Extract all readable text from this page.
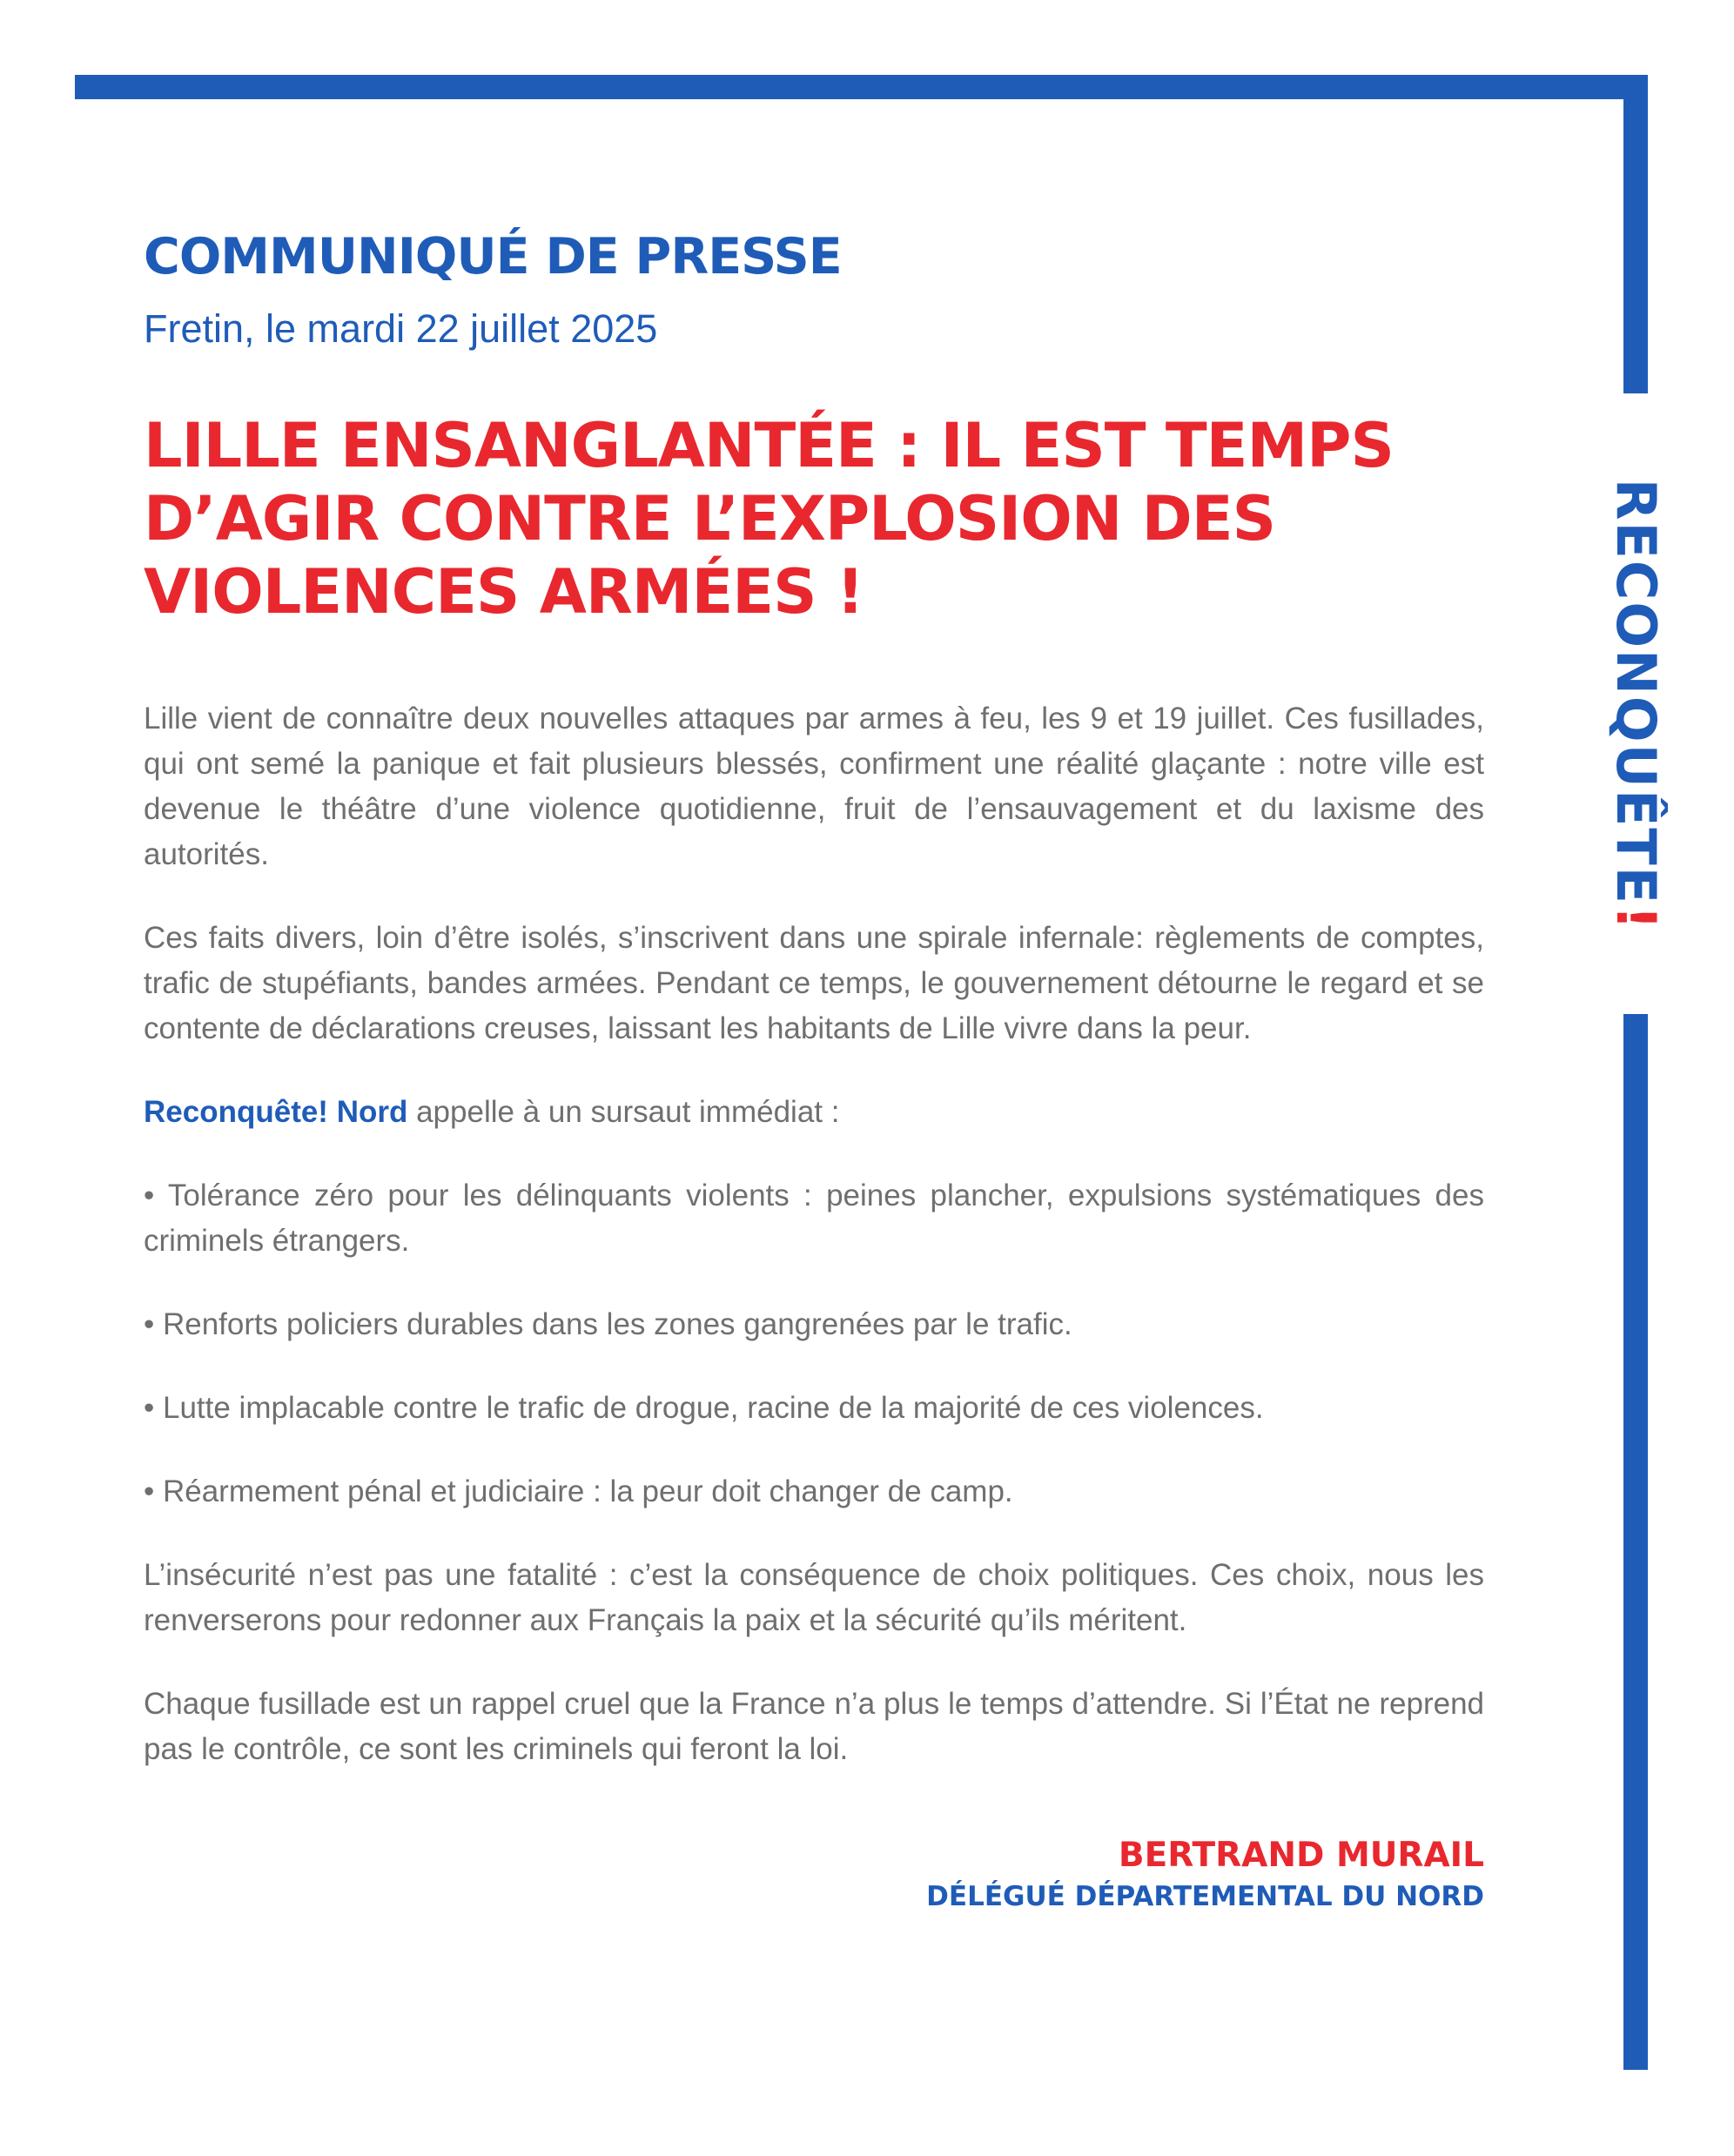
RECONQUÊTE!
COMMUNIQUÉ DE PRESSE
Fretin, le mardi 22 juillet 2025
LILLE ENSANGLANTÉE : IL EST TEMPS D’AGIR CONTRE L’EXPLOSION DES VIOLENCES ARMÉES !

Lille vient de connaître deux nouvelles attaques par armes à feu, les 9 et 19 juillet. Ces fusillades, qui ont semé la panique et fait plusieurs blessés, confirment une réalité glaçante : notre ville est devenue le théâtre d’une violence quotidienne, fruit de l’ensauvagement et du laxisme des autorités.

Ces faits divers, loin d’être isolés, s’inscrivent dans une spirale infernale: règlements de comptes, trafic de stupéfiants, bandes armées. Pendant ce temps, le gouvernement détourne le regard et se contente de déclarations creuses, laissant les habitants de Lille vivre dans la peur.

Reconquête! Nord appelle à un sursaut immédiat :

• Tolérance zéro pour les délinquants violents : peines plancher, expulsions systématiques des criminels étrangers.

• Renforts policiers durables dans les zones gangrenées par le trafic.

• Lutte implacable contre le trafic de drogue, racine de la majorité de ces violences.

• Réarmement pénal et judiciaire : la peur doit changer de camp.

L’insécurité n’est pas une fatalité : c’est la conséquence de choix politiques. Ces choix, nous les renverserons pour redonner aux Français la paix et la sécurité qu’ils méritent.

Chaque fusillade est un rappel cruel que la France n’a plus le temps d’attendre. Si l’État ne reprend pas le contrôle, ce sont les criminels qui feront la loi.

BERTRAND MURAIL
DÉLÉGUÉ DÉPARTEMENTAL DU NORD
